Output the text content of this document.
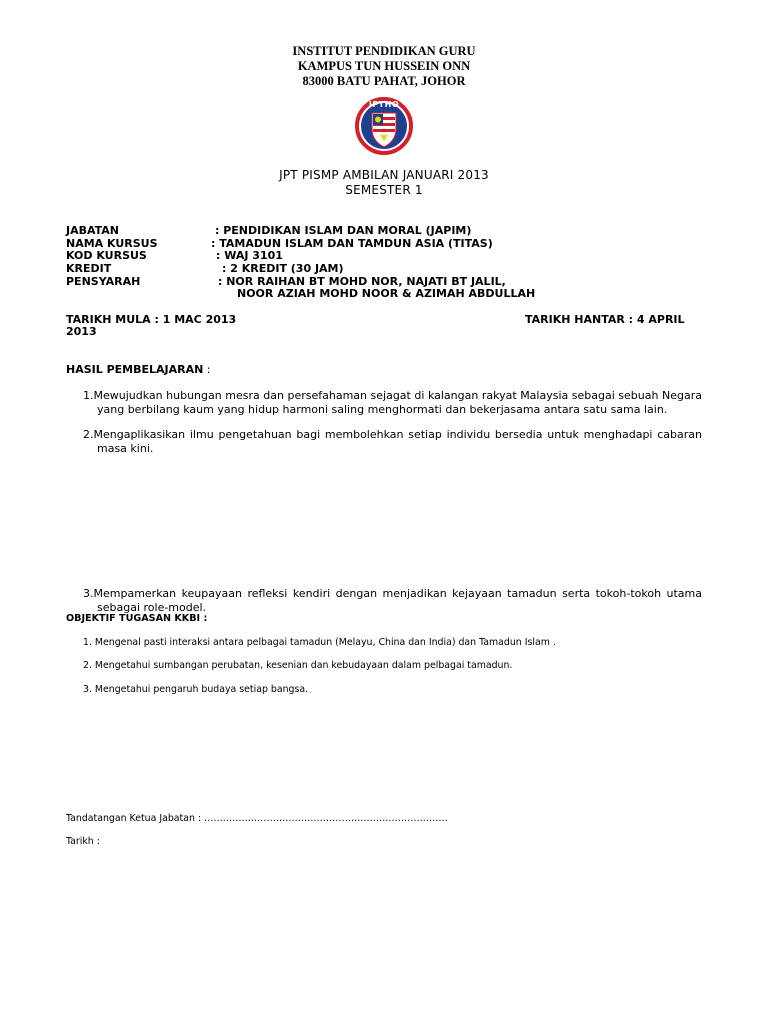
INSTITUT PENDIDIKAN GURU
KAMPUS TUN HUSSEIN ONN
83000 BATU PAHAT, JOHOR
IPTHO
JPT PISMP AMBILAN JANUARI 2013
SEMESTER 1
JABATAN	: PENDIDIKAN ISLAM DAN MORAL (JAPIM)
NAMA KURSUS	: TAMADUN ISLAM DAN TAMDUN ASIA (TITAS)
KOD KURSUS	: WAJ 3101
KREDIT	: 2 KREDIT (30 JAM)
PENSYARAH	: NOR RAIHAN BT MOHD NOR, NAJATI BT JALIL,
NOOR AZIAH MOHD NOOR & AZIMAH ABDULLAH
TARIKH MULA : 1 MAC 2013	TARIKH HANTAR : 4 APRIL
2013
HASIL PEMBELAJARAN :
1.Mewujudkan hubungan mesra dan persefahaman sejagat di kalangan rakyat Malaysia sebagai sebuah Negara
yang berbilang kaum yang hidup harmoni saling menghormati dan bekerjasama antara satu sama lain.
2.Mengaplikasikan ilmu pengetahuan bagi membolehkan setiap individu bersedia untuk menghadapi cabaran
masa kini.
3.Mempamerkan keupayaan refleksi kendiri dengan menjadikan kejayaan tamadun serta tokoh-tokoh utama
sebagai role-model.
OBJEKTIF TUGASAN KKBI :
1. Mengenal pasti interaksi antara pelbagai tamadun (Melayu, China dan India) dan Tamadun Islam .
2. Mengetahui sumbangan perubatan, kesenian dan kebudayaan dalam pelbagai tamadun.
3. Mengetahui pengaruh budaya setiap bangsa.
Tandatangan Ketua Jabatan : ……………………………………………………………………
Tarikh :
